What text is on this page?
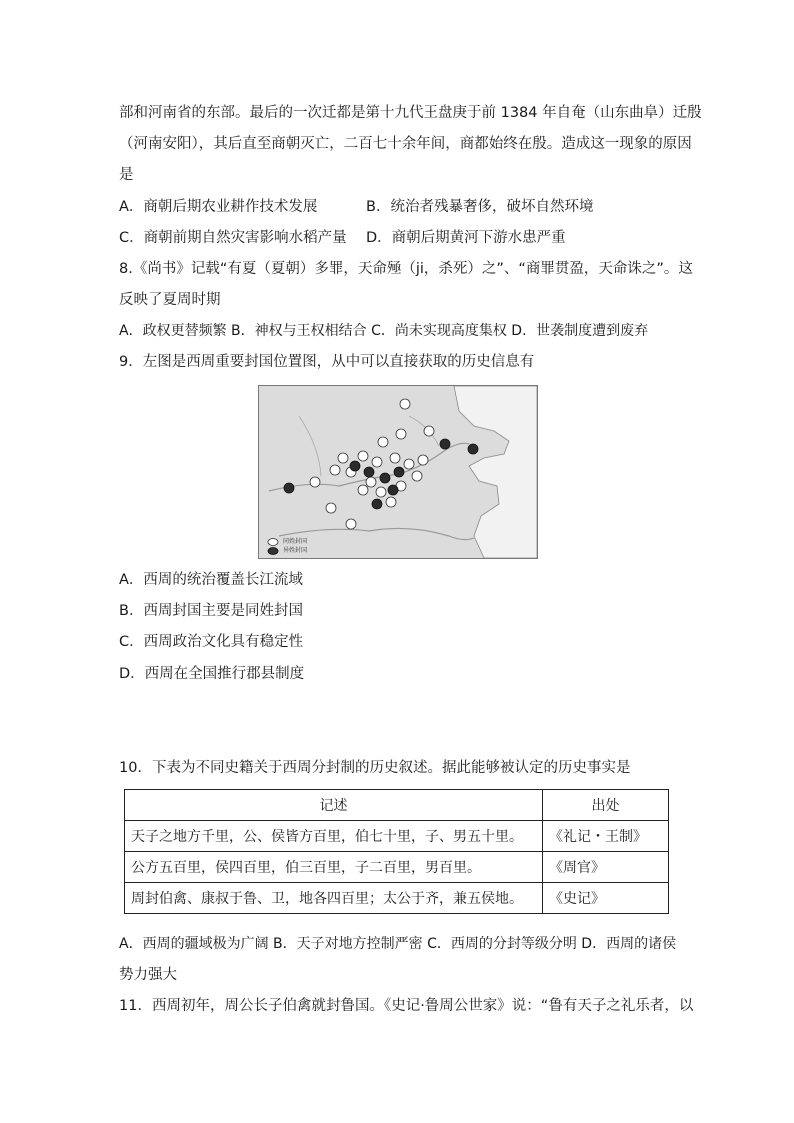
部和河南省的东部。最后的一次迁都是第十九代王盘庚于前 1384 年自奄（山东曲阜）迁殷
（河南安阳），其后直至商朝灭亡，二百七十余年间，商都始终在殷。造成这一现象的原因
是
A．商朝后期农业耕作技术发展	B．统治者残暴奢侈，破坏自然环境
C．商朝前期自然灾害影响水稻产量 D．商朝后期黄河下游水患严重
8.《尚书》记载“有夏（夏朝）多罪，天命殛（ji，杀死）之”、“商罪贯盈，天命诛之”。这
反映了夏周时期
A．政权更替频繁 B．神权与王权相结合 C．尚未实现高度集权 D．世袭制度遭到废弃
9．左图是西周重要封国位置图，从中可以直接获取的历史信息有
同姓封国
异姓封国
A．西周的统治覆盖长江流域
B．西周封国主要是同姓封国
C．西周政治文化具有稳定性
D．西周在全国推行郡县制度
10．下表为不同史籍关于西周分封制的历史叙述。据此能够被认定的历史事实是
记述	出处
天子之地方千里，公、侯皆方百里，伯七十里，子、男五十里。	《礼记・王制》
公方五百里，侯四百里，伯三百里，子二百里，男百里。	《周官》
周封伯禽、康叔于鲁、卫，地各四百里；太公于齐，兼五侯地。	《史记》
A．西周的疆域极为广阔 B．天子对地方控制严密 C．西周的分封等级分明 D．西周的诸侯
势力强大
11．西周初年，周公长子伯禽就封鲁国。《史记·鲁周公世家》说：“鲁有天子之礼乐者，以
